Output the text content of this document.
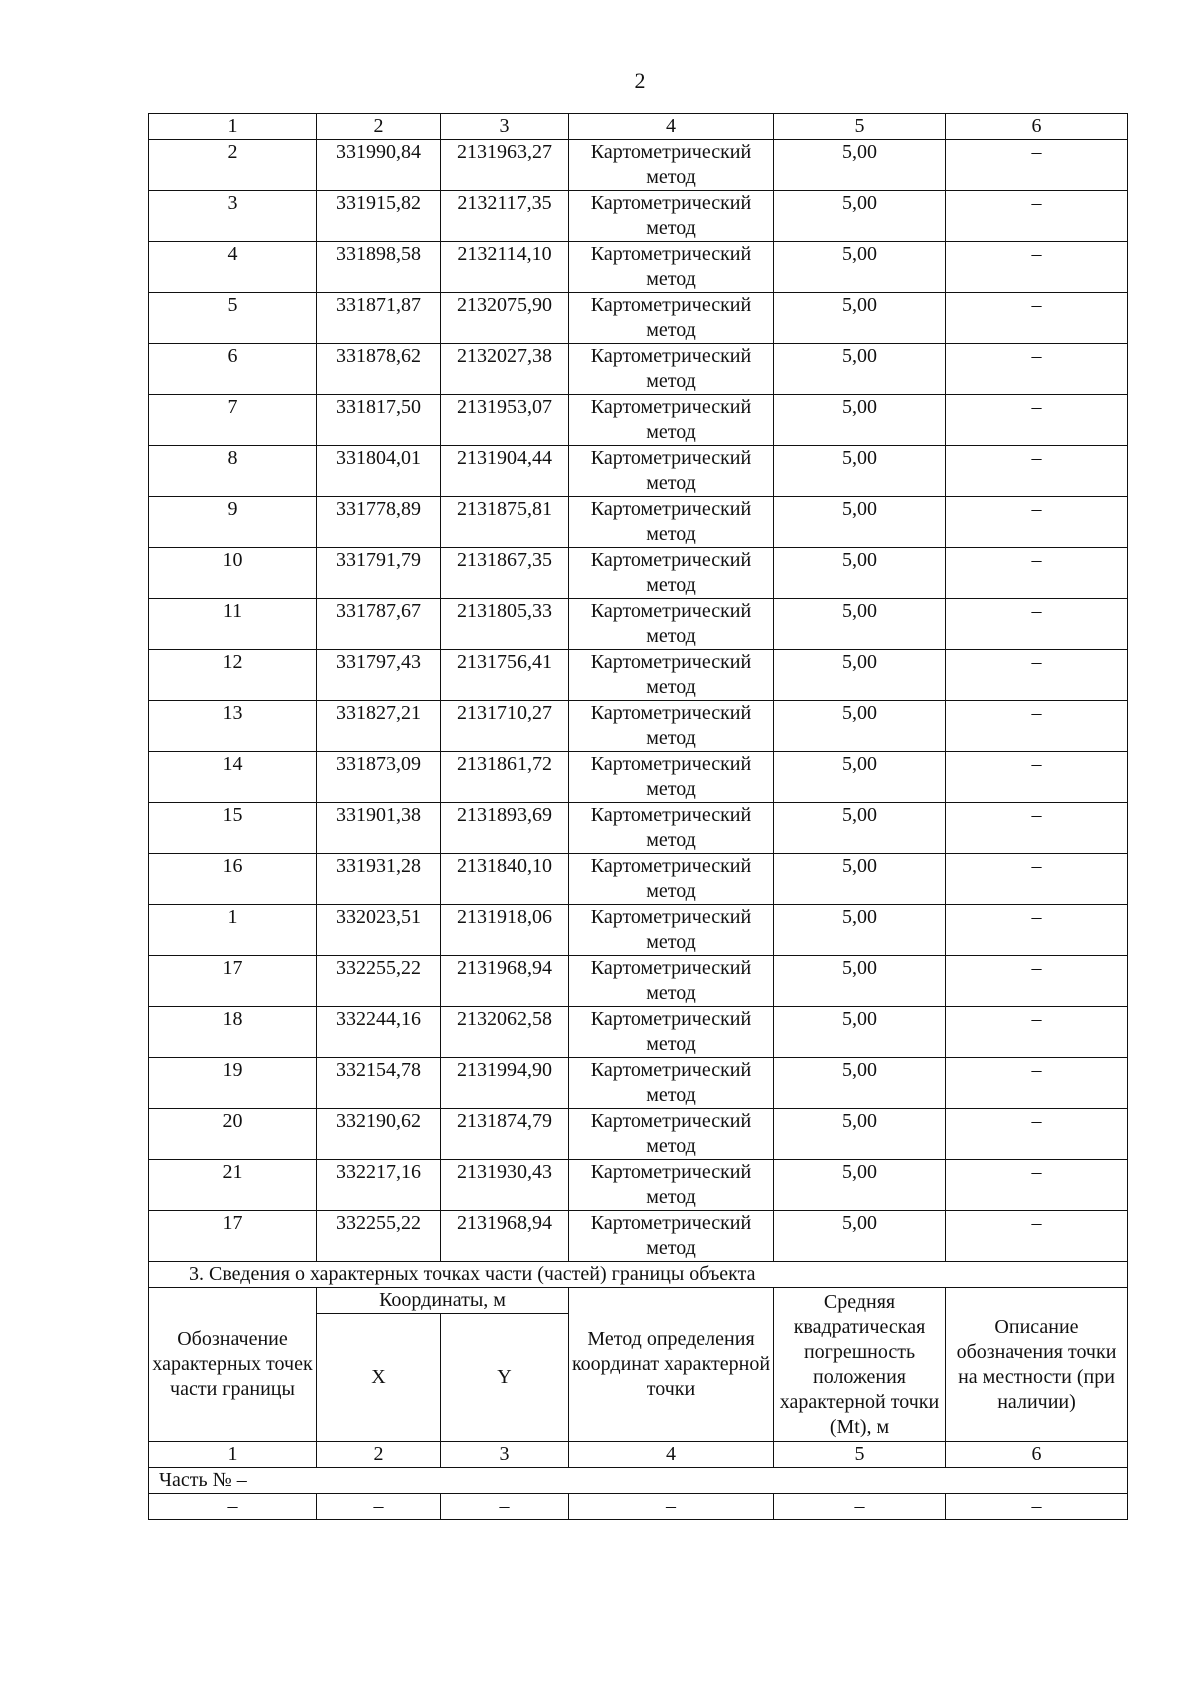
2
1	2	3	4	5	6
2	331990,84	2131963,27	Картометрический метод	5,00	–
3	331915,82	2132117,35	Картометрический метод	5,00	–
4	331898,58	2132114,10	Картометрический метод	5,00	–
5	331871,87	2132075,90	Картометрический метод	5,00	–
6	331878,62	2132027,38	Картометрический метод	5,00	–
7	331817,50	2131953,07	Картометрический метод	5,00	–
8	331804,01	2131904,44	Картометрический метод	5,00	–
9	331778,89	2131875,81	Картометрический метод	5,00	–
10	331791,79	2131867,35	Картометрический метод	5,00	–
11	331787,67	2131805,33	Картометрический метод	5,00	–
12	331797,43	2131756,41	Картометрический метод	5,00	–
13	331827,21	2131710,27	Картометрический метод	5,00	–
14	331873,09	2131861,72	Картометрический метод	5,00	–
15	331901,38	2131893,69	Картометрический метод	5,00	–
16	331931,28	2131840,10	Картометрический метод	5,00	–
1	332023,51	2131918,06	Картометрический метод	5,00	–
17	332255,22	2131968,94	Картометрический метод	5,00	–
18	332244,16	2132062,58	Картометрический метод	5,00	–
19	332154,78	2131994,90	Картометрический метод	5,00	–
20	332190,62	2131874,79	Картометрический метод	5,00	–
21	332217,16	2131930,43	Картометрический метод	5,00	–
17	332255,22	2131968,94	Картометрический метод	5,00	–
3. Сведения о характерных точках части (частей) границы объекта					
Обозначение характерных точек части границы	Координаты, м		Метод определения координат характерной точки	Средняя квадратическая погрешность положения характерной точки (Mt), м	Описание обозначения точки на местности (при наличии)
	X	Y			
1	2	3	4	5	6
Часть № –					
–	–	–	–	–	–
